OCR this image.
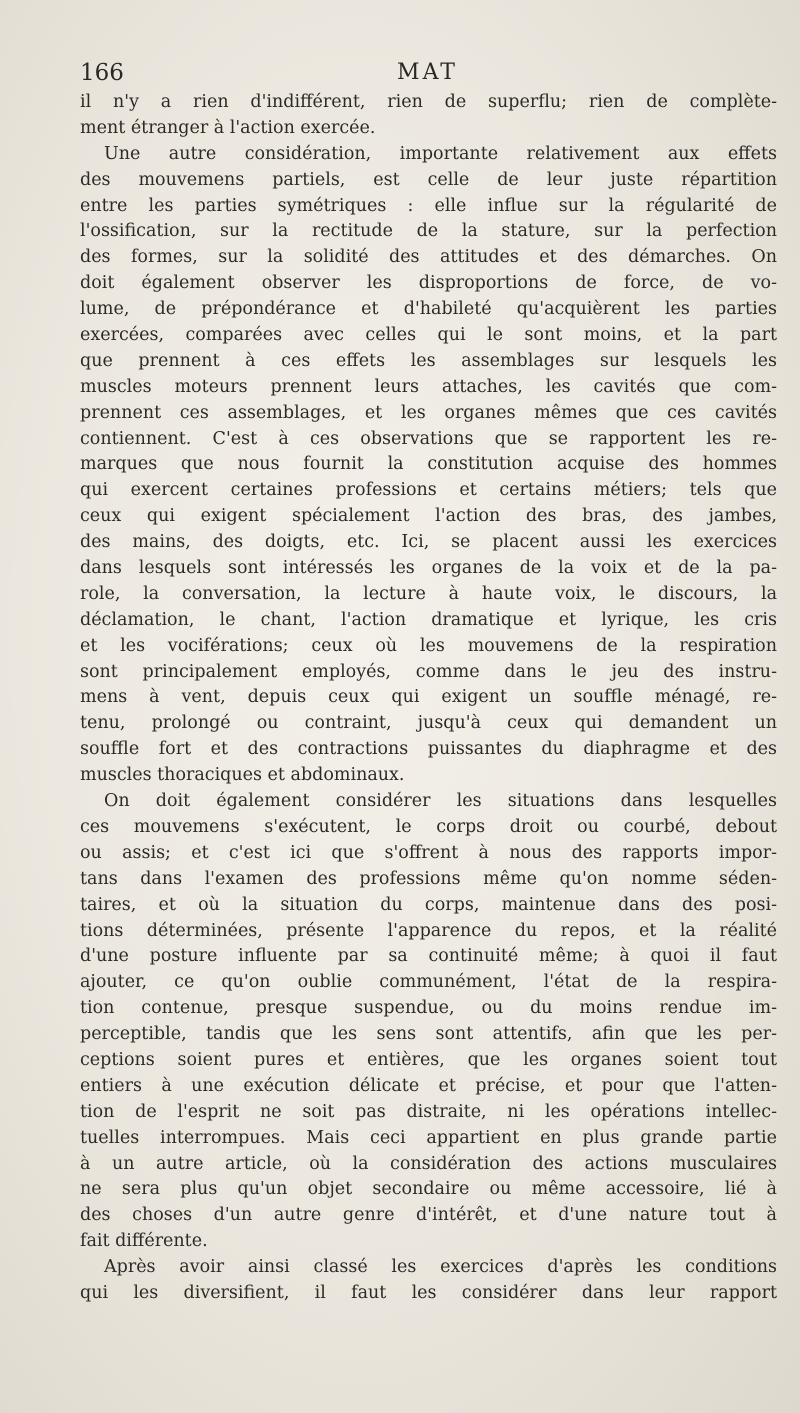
166	MAT
il n'y a rien d'indifférent, rien de superflu; rien de complète-
ment étranger à l'action exercée.
Une autre considération, importante relativement aux effets
des mouvemens partiels, est celle de leur juste répartition
entre les parties symétriques : elle influe sur la régularité de
l'ossification, sur la rectitude de la stature, sur la perfection
des formes, sur la solidité des attitudes et des démarches. On
doit également observer les disproportions de force, de vo-
lume, de prépondérance et d'habileté qu'acquièrent les parties
exercées, comparées avec celles qui le sont moins, et la part
que prennent à ces effets les assemblages sur lesquels les
muscles moteurs prennent leurs attaches, les cavités que com-
prennent ces assemblages, et les organes mêmes que ces cavités
contiennent. C'est à ces observations que se rapportent les re-
marques que nous fournit la constitution acquise des hommes
qui exercent certaines professions et certains métiers; tels que
ceux qui exigent spécialement l'action des bras, des jambes,
des mains, des doigts, etc. Ici, se placent aussi les exercices
dans lesquels sont intéressés les organes de la voix et de la pa-
role, la conversation, la lecture à haute voix, le discours, la
déclamation, le chant, l'action dramatique et lyrique, les cris
et les vociférations; ceux où les mouvemens de la respiration
sont principalement employés, comme dans le jeu des instru-
mens à vent, depuis ceux qui exigent un souffle ménagé, re-
tenu, prolongé ou contraint, jusqu'à ceux qui demandent un
souffle fort et des contractions puissantes du diaphragme et des
muscles thoraciques et abdominaux.
On doit également considérer les situations dans lesquelles
ces mouvemens s'exécutent, le corps droit ou courbé, debout
ou assis; et c'est ici que s'offrent à nous des rapports impor-
tans dans l'examen des professions même qu'on nomme séden-
taires, et où la situation du corps, maintenue dans des posi-
tions déterminées, présente l'apparence du repos, et la réalité
d'une posture influente par sa continuité même; à quoi il faut
ajouter, ce qu'on oublie communément, l'état de la respira-
tion contenue, presque suspendue, ou du moins rendue im-
perceptible, tandis que les sens sont attentifs, afin que les per-
ceptions soient pures et entières, que les organes soient tout
entiers à une exécution délicate et précise, et pour que l'atten-
tion de l'esprit ne soit pas distraite, ni les opérations intellec-
tuelles interrompues. Mais ceci appartient en plus grande partie
à un autre article, où la considération des actions musculaires
ne sera plus qu'un objet secondaire ou même accessoire, lié à
des choses d'un autre genre d'intérêt, et d'une nature tout à
fait différente.
Après avoir ainsi classé les exercices d'après les conditions
qui les diversifient, il faut les considérer dans leur rapport
